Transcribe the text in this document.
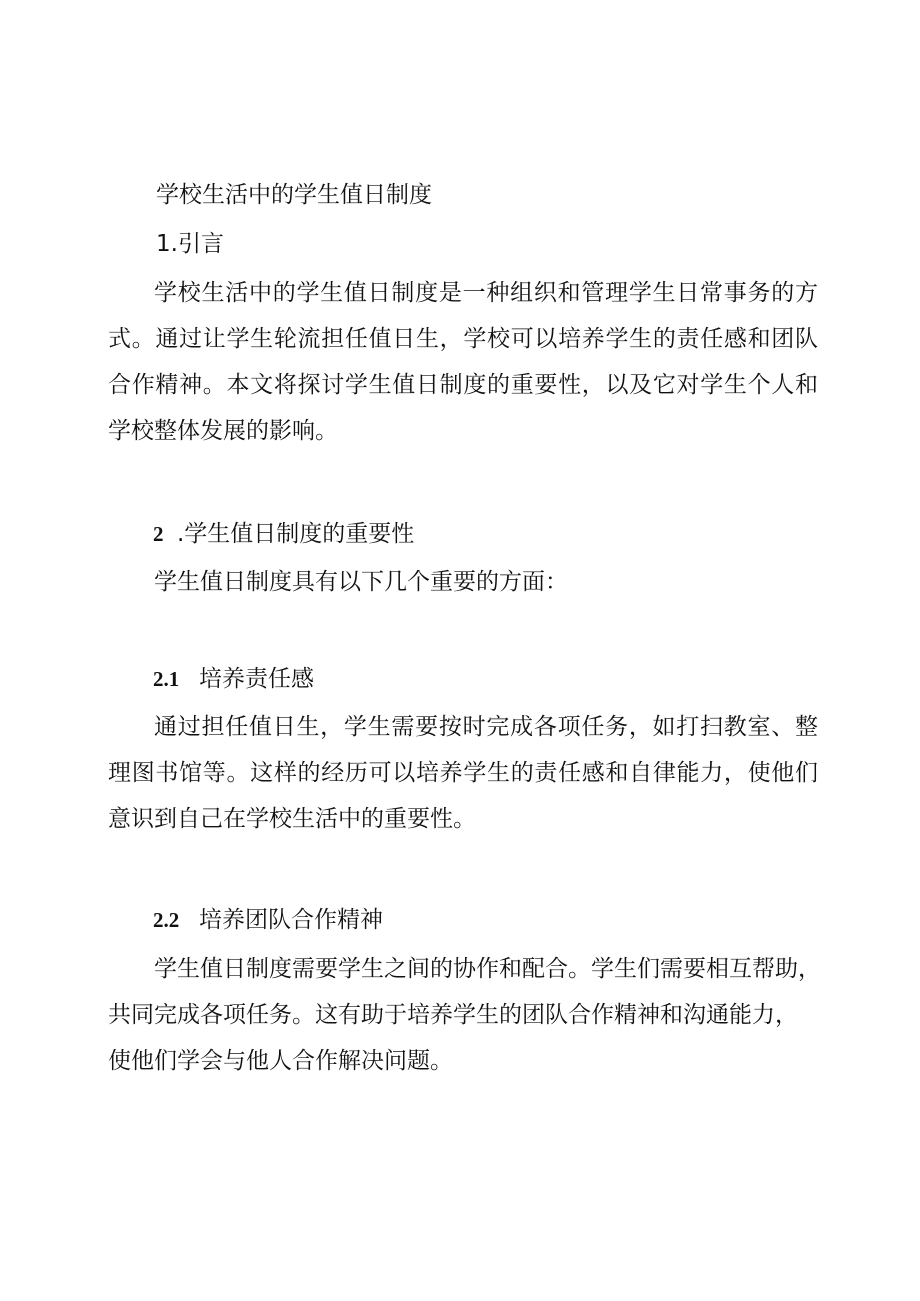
学校生活中的学生值日制度
1.引言

学校生活中的学生值日制度是一种组织和管理学生日常事务的方式。通过让学生轮流担任值日生，学校可以培养学生的责任感和团队合作精神。本文将探讨学生值日制度的重要性，以及它对学生个人和学校整体发展的影响。

2 .学生值日制度的重要性
学生值日制度具有以下几个重要的方面：
2.1 培养责任感

通过担任值日生，学生需要按时完成各项任务，如打扫教室、整理图书馆等。这样的经历可以培养学生的责任感和自律能力，使他们意识到自己在学校生活中的重要性。

2.2 培养团队合作精神
学生值日制度需要学生之间的协作和配合。学生们需要相互帮助，
共同完成各项任务。这有助于培养学生的团队合作精神和沟通能力，
使他们学会与他人合作解决问题。
